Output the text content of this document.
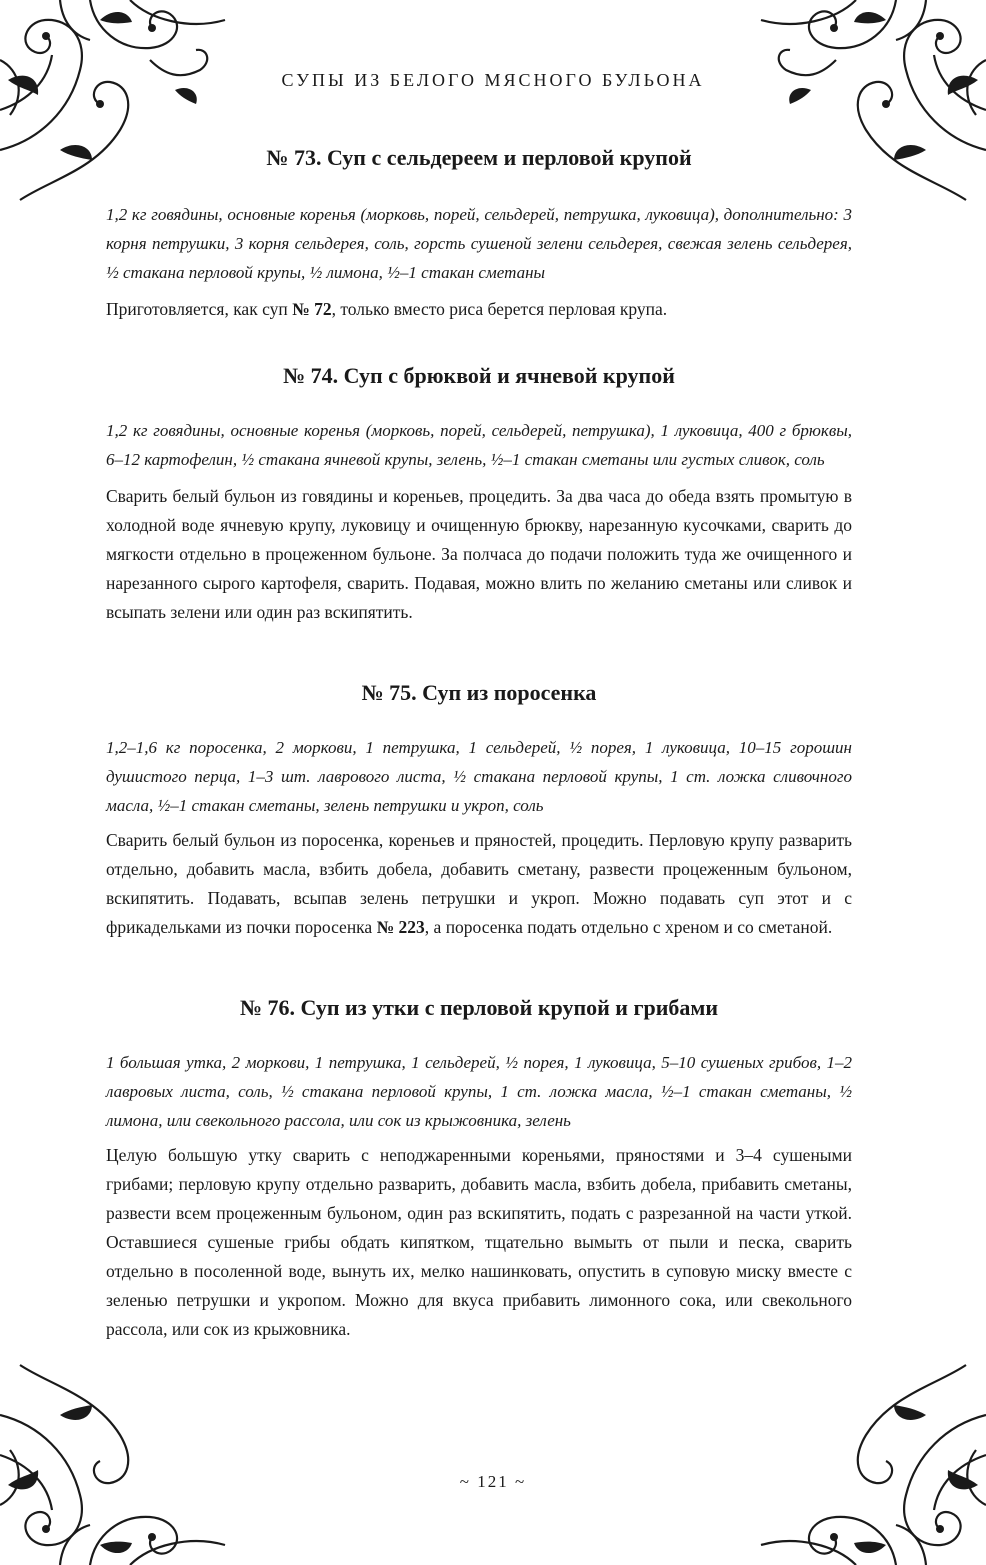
СУПЫ ИЗ БЕЛОГО МЯСНОГО БУЛЬОНА
№ 73. Суп с сельдереем и перловой крупой

1,2 кг говядины, основные коренья (морковь, порей, сельдерей, петрушка, луковица), дополнительно: 3 корня петрушки, 3 корня сельдерея, соль, горсть сушеной зелени сельдерея, свежая зелень сельдерея, ½ стакана перловой крупы, ½ лимона, ½–1 стакан сметаны

Приготовляется, как суп № 72, только вместо риса берется перловая крупа.

№ 74. Суп с брюквой и ячневой крупой

1,2 кг говядины, основные коренья (морковь, порей, сельдерей, петрушка), 1 луковица, 400 г брюквы, 6–12 картофелин, ½ стакана ячневой крупы, зелень, ½–1 стакан сметаны или густых сливок, соль

Сварить белый бульон из говядины и кореньев, процедить. За два часа до обеда взять промытую в холодной воде ячневую крупу, луковицу и очищенную брюкву, нарезанную кусочками, сварить до мягкости отдельно в процеженном бульоне. За полчаса до подачи положить туда же очищенного и нарезанного сырого картофеля, сварить. Подавая, можно влить по желанию сметаны или сливок и всыпать зелени или один раз вскипятить.

№ 75. Суп из поросенка

1,2–1,6 кг поросенка, 2 моркови, 1 петрушка, 1 сельдерей, ½ порея, 1 луковица, 10–15 горошин душистого перца, 1–3 шт. лаврового листа, ½ стакана перловой крупы, 1 ст. ложка сливочного масла, ½–1 стакан сметаны, зелень петрушки и укроп, соль

Сварить белый бульон из поросенка, кореньев и пряностей, процедить. Перловую крупу разварить отдельно, добавить масла, взбить добела, добавить сметану, развести процеженным бульоном, вскипятить. Подавать, всыпав зелень петрушки и укроп. Можно подавать суп этот и с фрикадельками из почки поросенка № 223, а поросенка подать отдельно с хреном и со сметаной.

№ 76. Суп из утки с перловой крупой и грибами

1 большая утка, 2 моркови, 1 петрушка, 1 сельдерей, ½ порея, 1 луковица, 5–10 сушеных грибов, 1–2 лавровых листа, соль, ½ стакана перловой крупы, 1 ст. ложка масла, ½–1 стакан сметаны, ½ лимона, или свекольного рассола, или сок из крыжовника, зелень

Целую большую утку сварить с неподжаренными кореньями, пряностями и 3–4 сушеными грибами; перловую крупу отдельно разварить, добавить масла, взбить добела, прибавить сметаны, развести всем процеженным бульоном, один раз вскипятить, подать с разрезанной на части уткой. Оставшиеся сушеные грибы обдать кипятком, тщательно вымыть от пыли и песка, сварить отдельно в посоленной воде, вынуть их, мелко нашинковать, опустить в суповую миску вместе с зеленью петрушки и укропом. Можно для вкуса прибавить лимонного сока, или свекольного рассола, или сок из крыжовника.

~ 121 ~
